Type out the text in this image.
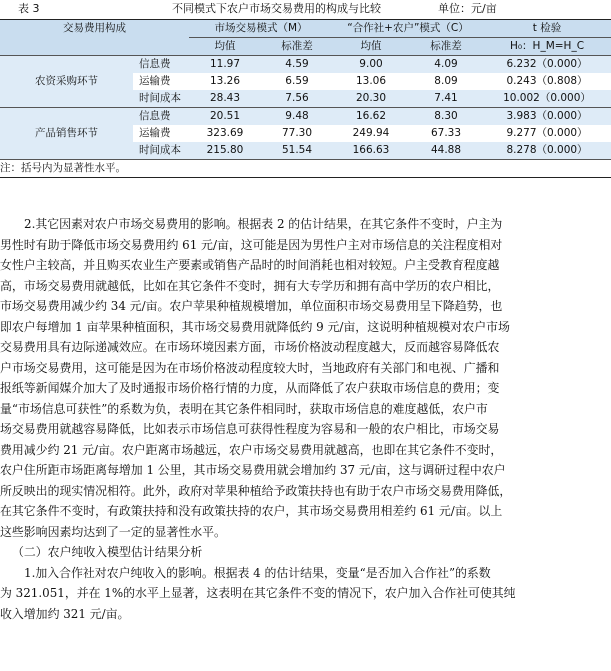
表 3	不同模式下农户市场交易费用的构成与比较	单位：元/亩
交易费用构成		市场交易模式（M）		“合作社+农户”模式（C）		t 检验
		均值	标准差	均值	标准差	H₀：H_M=H_C
农资采购环节	信息费	11.97	4.59	9.00	4.09	6.232（0.000）
	运输费	13.26	6.59	13.06	8.09	0.243（0.808）
	时间成本	28.43	7.56	20.30	7.41	10.002（0.000）
产品销售环节	信息费	20.51	9.48	16.62	8.30	3.983（0.000）
	运输费	323.69	77.30	249.94	67.33	9.277（0.000）
	时间成本	215.80	51.54	166.63	44.88	8.278（0.000）
注：括号内为显著性水平。						
2.其它因素对农户市场交易费用的影响。根据表 2 的估计结果，在其它条件不变时，户主为
男性时有助于降低市场交易费用约 61 元/亩，这可能是因为男性户主对市场信息的关注程度相对
女性户主较高，并且购买农业生产要素或销售产品时的时间消耗也相对较短。户主受教育程度越
高，市场交易费用就越低，比如在其它条件不变时，拥有大专学历和拥有高中学历的农户相比，
市场交易费用减少约 34 元/亩。农户苹果种植规模增加，单位面积市场交易费用呈下降趋势，也
即农户每增加 1 亩苹果种植面积，其市场交易费用就降低约 9 元/亩，这说明种植规模对农户市场
交易费用具有边际递减效应。在市场环境因素方面，市场价格波动程度越大，反而越容易降低农
户市场交易费用，这可能是因为在市场价格波动程度较大时，当地政府有关部门和电视、广播和
报纸等新闻媒介加大了及时通报市场价格行情的力度，从而降低了农户获取市场信息的费用；变
量“市场信息可获性”的系数为负，表明在其它条件相同时，获取市场信息的难度越低，农户市
场交易费用就越容易降低，比如表示市场信息可获得性程度为容易和一般的农户相比，市场交易
费用减少约 21 元/亩。农户距离市场越远，农户市场交易费用就越高，也即在其它条件不变时，
农户住所距市场距离每增加 1 公里，其市场交易费用就会增加约 37 元/亩，这与调研过程中农户
所反映出的现实情况相符。此外，政府对苹果种植给予政策扶持也有助于农户市场交易费用降低，
在其它条件不变时，有政策扶持和没有政策扶持的农户，其市场交易费用相差约 61 元/亩。以上
这些影响因素均达到了一定的显著性水平。
（二）农户纯收入模型估计结果分析
1.加入合作社对农户纯收入的影响。根据表 4 的估计结果，变量“是否加入合作社”的系数
为 321.051，并在 1%的水平上显著，这表明在其它条件不变的情况下，农户加入合作社可使其纯
收入增加约 321 元/亩。
